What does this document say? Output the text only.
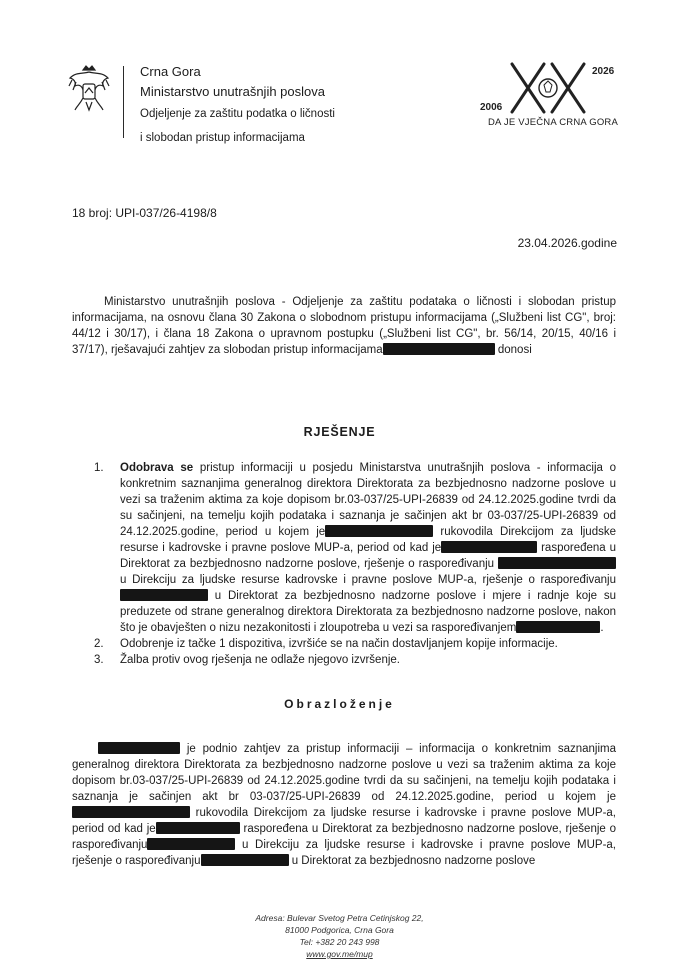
Crna Gora
Ministarstvo unutrašnjih poslova
Odjeljenje za zaštitu podatka o ličnosti
i slobodan pristup informacijama
2006
2026
DA JE VJEČNA CRNA GORA
18 broj: UPI-037/26-4198/8
23.04.2026.godine
Ministarstvo unutrašnjih poslova - Odjeljenje za zaštitu podataka o ličnosti i slobodan pristup informacijama, na osnovu člana 30 Zakona o slobodnom pristupu informacijama („Službeni list CG", broj: 44/12 i 30/17), i člana 18 Zakona o upravnom postupku („Službeni list CG", br. 56/14, 20/15, 40/16 i 37/17), rješavajući zahtjev za slobodan pristup informacijama	donosi
RJEŠENJE
1. Odobrava se pristup informaciji u posjedu Ministarstva unutrašnjih poslova - informacija o konkretnim saznanjima generalnog direktora Direktorata za bezbjednosno nadzorne poslove u vezi sa traženim aktima za koje dopisom br.03-037/25-UPI-26839 od 24.12.2025.godine tvrdi da su sačinjeni, na temelju kojih podataka i saznanja je sačinjen akt br 03-037/25-UPI-26839 od 24.12.2025.godine, period u kojem je	rukovodila Direkcijom za ljudske resurse i kadrovske i pravne poslove MUP-a, period od kad je	raspoređena u Direktorat za bezbjednosno nadzorne poslove, rješenje o raspoređivanju  u Direkciju za ljudske resurse kadrovske i pravne poslove MUP-a, rješenje o raspoređivanju  u Direktorat za bezbjednosno nadzorne poslove i mjere i radnje koje su preduzete od strane generalnog direktora Direktorata za bezbjednosno nadzorne poslove, nakon što je obavješten o nizu nezakonitosti i zloupotreba u vezi sa raspoređivanjem	.
2. Odobrenje iz tačke 1 dispozitiva, izvršiće se na način dostavljanjem kopije informacije.
3. Žalba protiv ovog rješenja ne odlaže njegovo izvršenje.
Obrazloženje
je podnio zahtjev za pristup informaciji – informacija o konkretnim saznanjima generalnog direktora Direktorata za bezbjednosno nadzorne poslove u vezi sa traženim aktima za koje dopisom br.03-037/25-UPI-26839 od 24.12.2025.godine tvrdi da su sačinjeni, na temelju kojih podataka i saznanja je sačinjen akt br 03-037/25-UPI-26839 od 24.12.2025.godine, period u kojem je rukovodila Direkcijom za ljudske resurse i kadrovske i pravne poslove MUP-a, period od kad je	raspoređena u Direktorat za bezbjednosno nadzorne poslove, rješenje o raspoređivanju	u Direkciju za ljudske resurse i kadrovske i pravne poslove MUP-a, rješenje o raspoređivanju	u Direktorat za bezbjednosno nadzorne poslove
Adresa: Bulevar Svetog Petra Cetinjskog 22,
81000 Podgorica, Crna Gora
Tel: +382 20 243 998
www.gov.me/mup
